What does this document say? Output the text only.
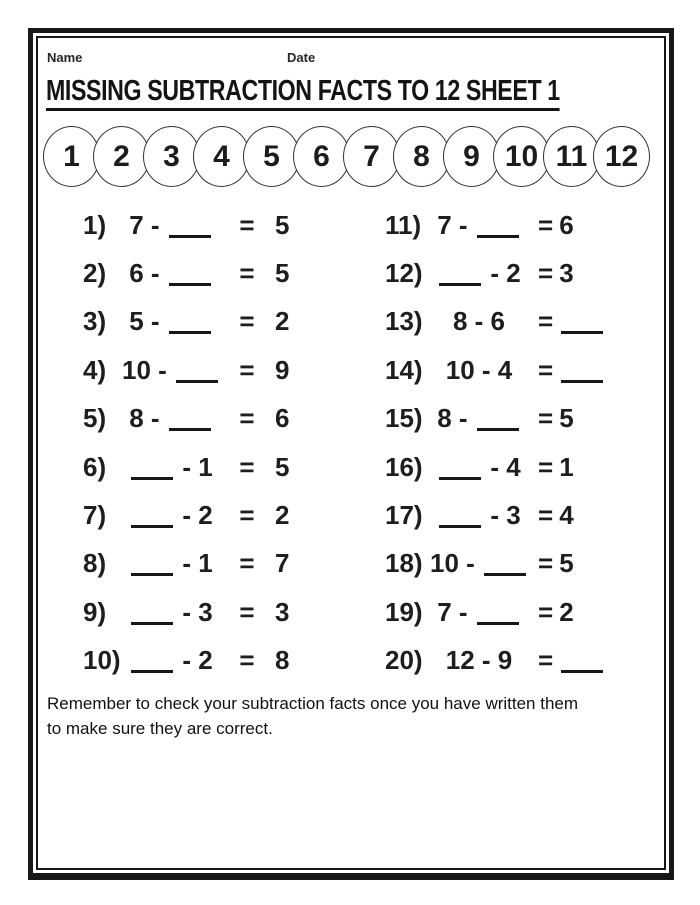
Name	Date
MISSING SUBTRACTION FACTS TO 12 SHEET 1
1	2	3	4	5	6	7	8	9 10 11 12
1) 7 -	= 5
2) 6 -	= 5
3) 5 -	= 2
4) 10 -	= 9
5) 8 -	= 6
6)	- 1	= 5
7)	- 2	= 2
8)	- 1	= 7
9)	- 3	= 3
10)	- 2	= 8
11) 7 -	= 6
12)	- 2 = 3
13)	8 - 6	=
14) 10 - 4 =
15) 8 -	= 5
16)	- 4 = 1
17)	- 3 = 4
18) 10 -	= 5
19) 7 -	= 2
20) 12 - 9 =

Remember to check your subtraction facts once you have written them
to make sure they are correct.
